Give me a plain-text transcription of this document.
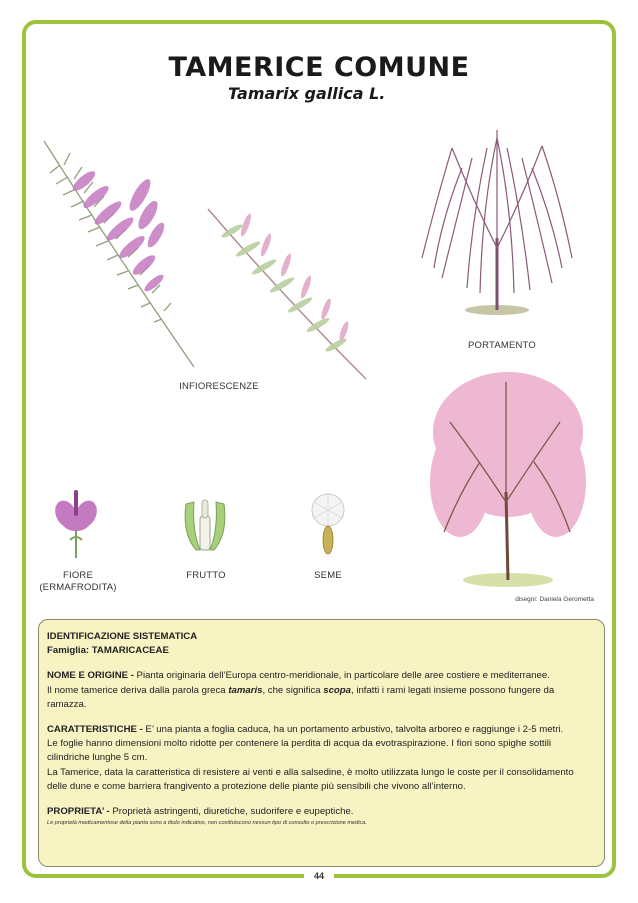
TAMERICE COMUNE
Tamarix gallica L.
INFIORESCENZE
PORTAMENTO
FIORE
(ERMAFRODITA)
FRUTTO	SEME
disegni: Daniela Gerometta

IDENTIFICAZIONE SISTEMATICA

Famiglia: TAMARICACEAE

NOME E ORIGINE - Pianta originaria dell’Europa centro-meridionale, in particolare delle aree costiere e mediterranee.

Il nome tamerice deriva dalla parola greca tamaris, che significa scopa, infatti i rami legati insieme possono fungere da

ramazza.

CARATTERISTICHE - E’ una pianta a foglia caduca, ha un portamento arbustivo, talvolta arboreo e raggiunge i 2-5 metri.

Le foglie hanno dimensioni molto ridotte per contenere la perdita di acqua da evotraspirazione. I fiori sono spighe sottili

cilindriche lunghe 5 cm.

La Tamerice, data la caratteristica di resistere ai venti e alla salsedine, è molto utilizzata lungo le coste per il consolidamento

delle dune e come barriera frangivento a protezione delle piante più sensibili che vivono all’interno.

PROPRIETA’ - Proprietà astringenti, diuretiche, sudorifere e eupeptiche.

Le proprietà medicamentose della pianta sono a titolo indicativo, non costituiscono nessun tipo di consulto o prescrizione medica.

44
